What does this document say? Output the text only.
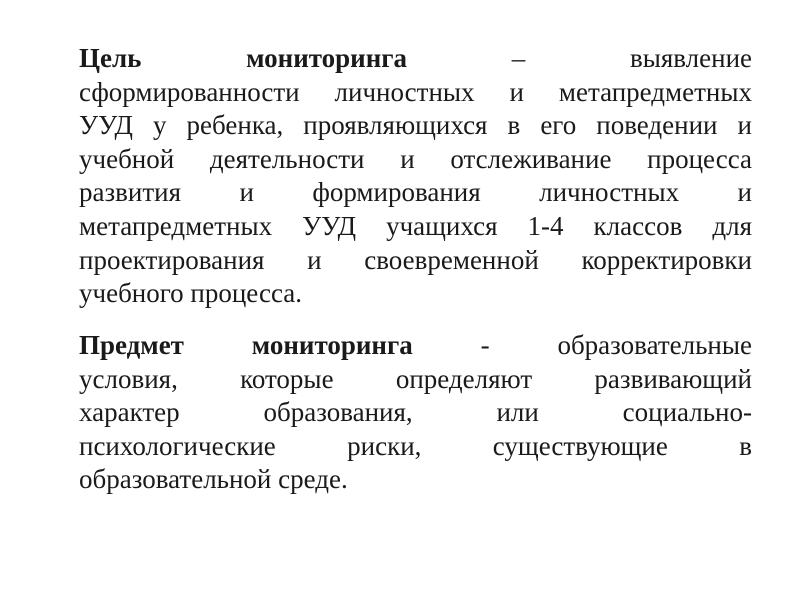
Цель мониторинга – выявление
сформированности личностных и метапредметных
УУД у ребенка, проявляющихся в его поведении и
учебной деятельности и отслеживание процесса
развития и формирования личностных и
метапредметных УУД учащихся 1-4 классов для
проектирования и своевременной корректировки
учебного процесса.
Предмет мониторинга - образовательные
условия, которые определяют развивающий
характер образования, или социально-
психологические риски, существующие в
образовательной среде.
